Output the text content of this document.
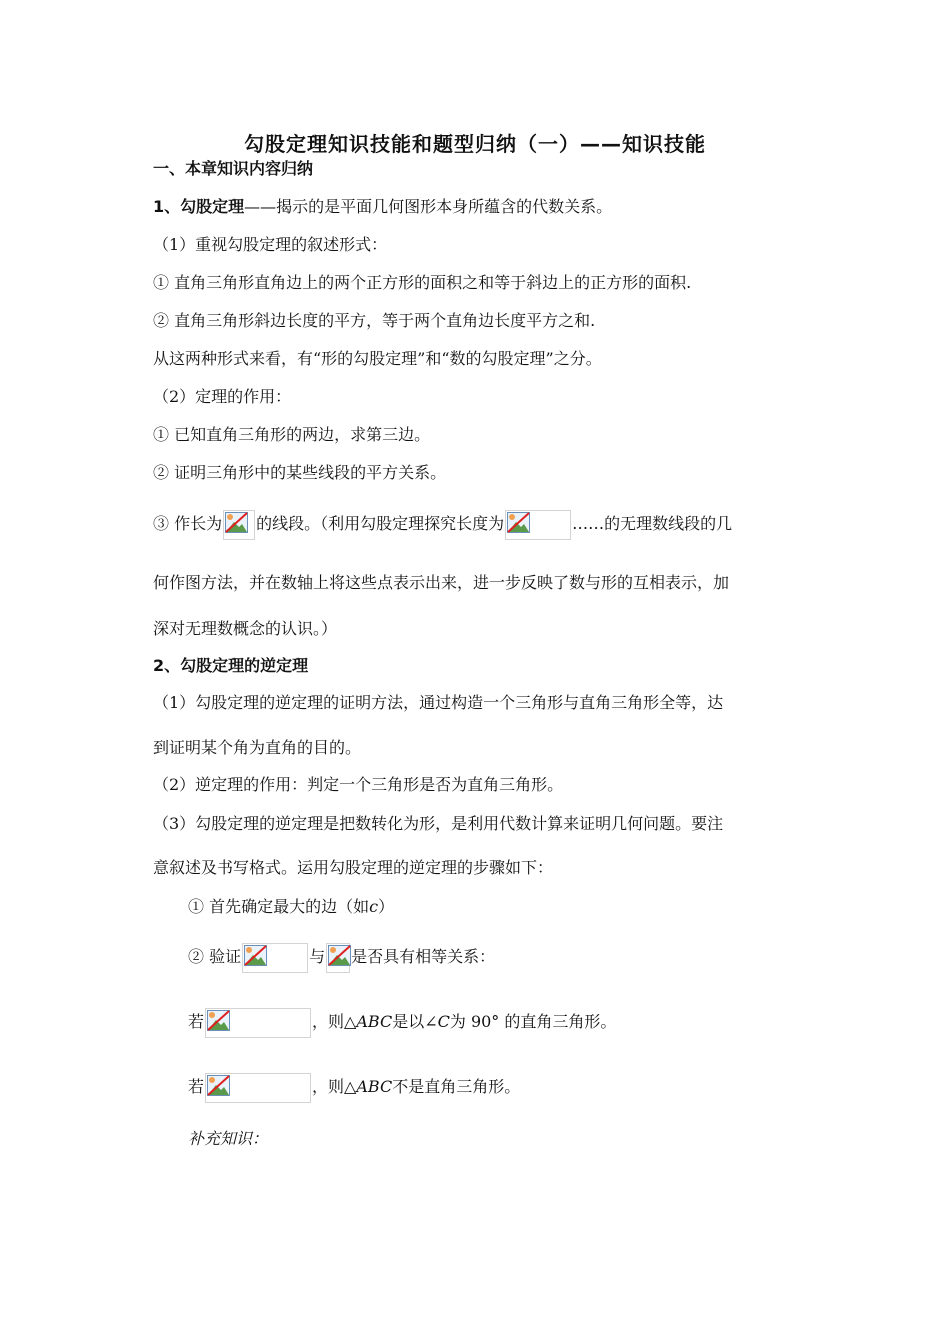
勾股定理知识技能和题型归纳（一）——知识技能
一、本章知识内容归纳
1、勾股定理——揭示的是平面几何图形本身所蕴含的代数关系。
（1）重视勾股定理的叙述形式：
① 直角三角形直角边上的两个正方形的面积之和等于斜边上的正方形的面积.
② 直角三角形斜边长度的平方，等于两个直角边长度平方之和.
从这两种形式来看，有“形的勾股定理”和“数的勾股定理”之分。
（2）定理的作用：
① 已知直角三角形的两边，求第三边。
② 证明三角形中的某些线段的平方关系。
③ 作长为 的线段。（利用勾股定理探究长度为	……的无理数线段的几
何作图方法，并在数轴上将这些点表示出来，进一步反映了数与形的互相表示，加
深对无理数概念的认识。）
2、勾股定理的逆定理
（1）勾股定理的逆定理的证明方法，通过构造一个三角形与直角三角形全等，达
到证明某个角为直角的目的。
（2）逆定理的作用：判定一个三角形是否为直角三角形。
（3）勾股定理的逆定理是把数转化为形，是利用代数计算来证明几何问题。要注
意叙述及书写格式。运用勾股定理的逆定理的步骤如下：
① 首先确定最大的边（如c）
② 验证	与 是否具有相等关系：
若	，则△ABC是以∠C为 90° 的直角三角形。
若	，则△ABC不是直角三角形。
补充知识：
